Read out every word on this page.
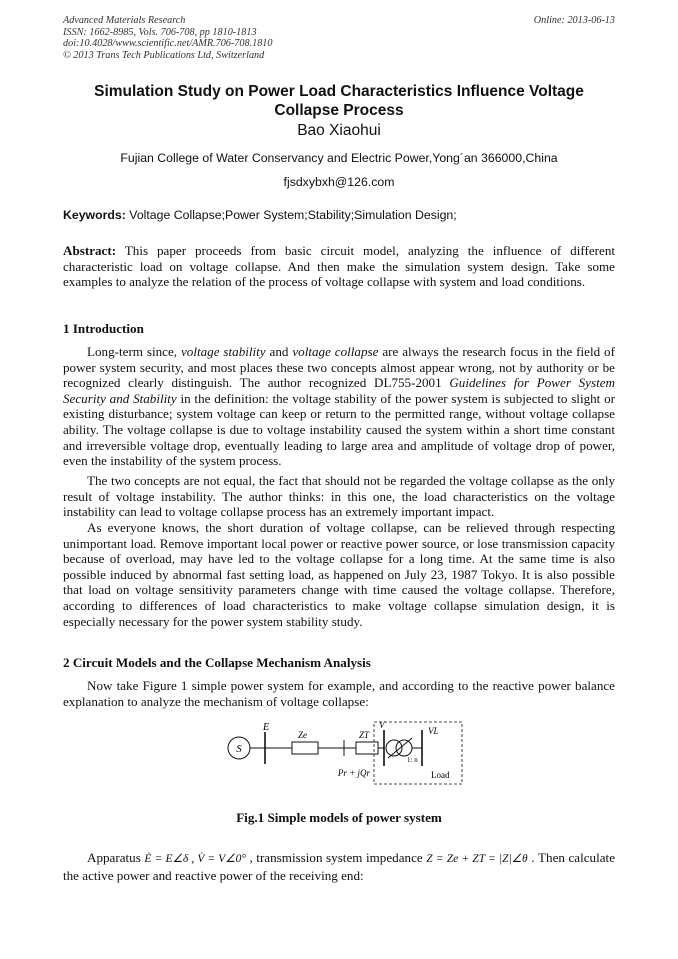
Advanced Materials Research
ISSN: 1662-8985, Vols. 706-708, pp 1810-1813
doi:10.4028/www.scientific.net/AMR.706-708.1810
© 2013 Trans Tech Publications Ltd, Switzerland
Online: 2013-06-13
Simulation Study on Power Load Characteristics Influence Voltage Collapse Process
Bao Xiaohui
Fujian College of Water Conservancy and Electric Power,Yong´an 366000,China
fjsdxybxh@126.com
Keywords: Voltage Collapse;Power System;Stability;Simulation Design;
Abstract: This paper proceeds from basic circuit model, analyzing the influence of different characteristic load on voltage collapse. And then make the simulation system design. Take some examples to analyze the relation of the process of voltage collapse with system and load conditions.
1 Introduction
Long-term since, voltage stability and voltage collapse are always the research focus in the field of power system security, and most places these two concepts almost appear wrong, not by authority or be recognized clearly distinguish. The author recognized DL755-2001 Guidelines for Power System Security and Stability in the definition: the voltage stability of the power system is subjected to slight or existing disturbance; system voltage can keep or return to the permitted range, without voltage collapse ability. The voltage collapse is due to voltage instability caused the system within a short time constant and irreversible voltage drop, eventually leading to large area and amplitude of voltage drop of power, even the instability of the system process.
The two concepts are not equal, the fact that should not be regarded the voltage collapse as the only result of voltage instability. The author thinks: in this one, the load characteristics on the voltage instability can lead to voltage collapse process has an extremely important impact.
As everyone knows, the short duration of voltage collapse, can be relieved through respecting unimportant load. Remove important local power or reactive power source, or lose transmission capacity because of overload, may have led to the voltage collapse for a long time. At the same time is also possible induced by abnormal fast setting load, as happened on July 23, 1987 Tokyo. It is also possible that load on voltage sensitivity parameters change with time caused the voltage collapse. Therefore, according to differences of load characteristics to make voltage collapse simulation design, it is especially necessary for the power system stability study.
2 Circuit Models and the Collapse Mechanism Analysis
Now take Figure 1 simple power system for example, and according to the reactive power balance explanation to analyze the mechanism of voltage collapse:
S
E
Ze	ZT
V
1: n
VL
Pr + jQr	Load
Fig.1 Simple models of power system
Apparatus Ė = E∠δ , V̇ = V∠0° , transmission system impedance Z = Ze + ZT = |Z|∠θ . Then calculate the active power and reactive power of the receiving end:
